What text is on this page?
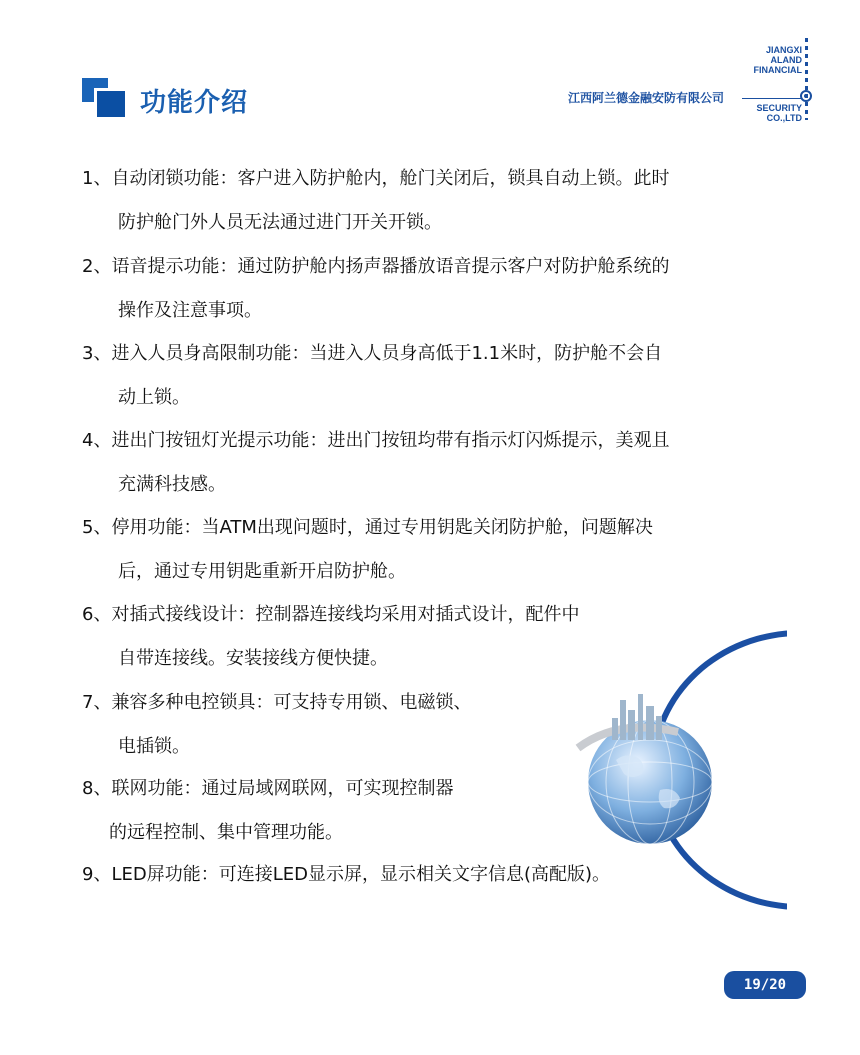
功能介绍
JIANGXI
ALAND
FINANCIAL
江西阿兰德金融安防有限公司
SECURITY
CO.,LTD
1、自动闭锁功能：客户进入防护舱内，舱门关闭后，锁具自动上锁。此时
防护舱门外人员无法通过进门开关开锁。
2、语音提示功能：通过防护舱内扬声器播放语音提示客户对防护舱系统的
操作及注意事项。
3、进入人员身高限制功能：当进入人员身高低于1.1米时，防护舱不会自
动上锁。
4、进出门按钮灯光提示功能：进出门按钮均带有指示灯闪烁提示，美观且
充满科技感。
5、停用功能：当ATM出现问题时，通过专用钥匙关闭防护舱，问题解决
后，通过专用钥匙重新开启防护舱。
6、对插式接线设计：控制器连接线均采用对插式设计，配件中
自带连接线。安装接线方便快捷。
7、兼容多种电控锁具：可支持专用锁、电磁锁、
电插锁。
8、联网功能：通过局域网联网，可实现控制器
的远程控制、集中管理功能。
9、LED屏功能：可连接LED显示屏，显示相关文字信息(高配版)。
19/20
